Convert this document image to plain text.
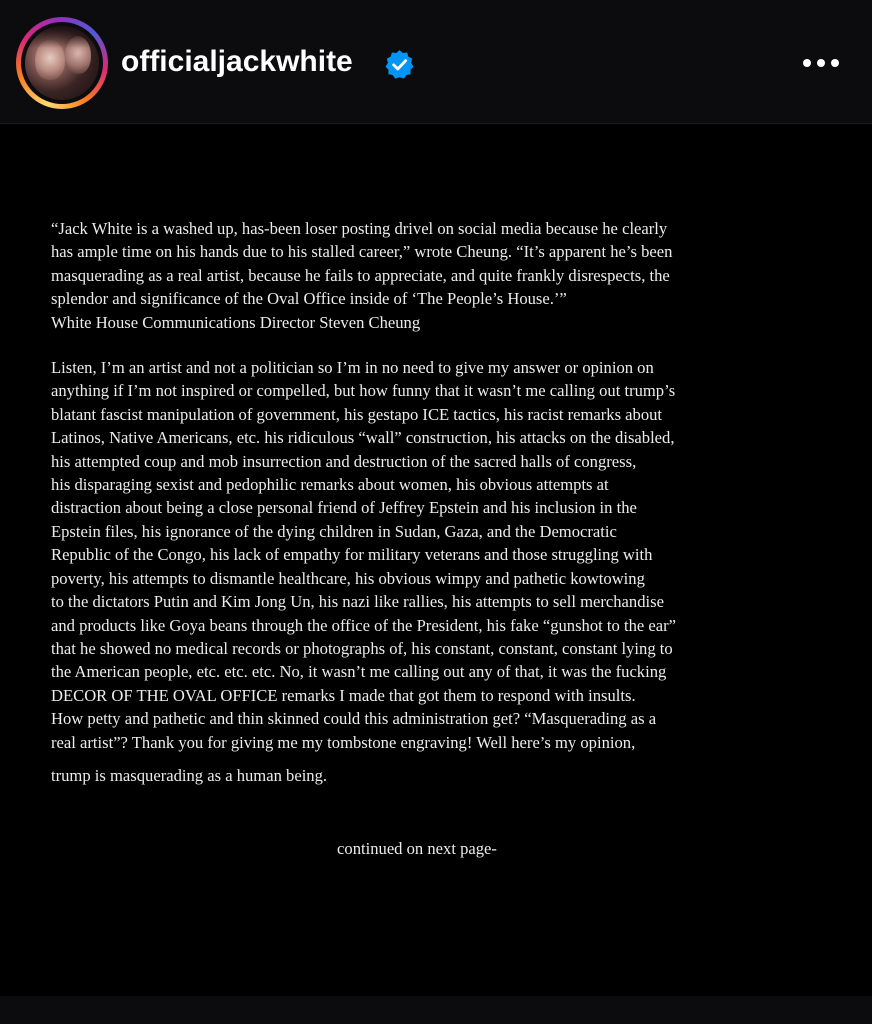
officialjackwhite
“Jack White is a washed up, has-been loser posting drivel on social media because he clearly
has ample time on his hands due to his stalled career,” wrote Cheung. “It’s apparent he’s been
masquerading as a real artist, because he fails to appreciate, and quite frankly disrespects, the
splendor and significance of the Oval Office inside of ‘The People’s House.’”
White House Communications Director Steven Cheung
Listen, I’m an artist and not a politician so I’m in no need to give my answer or opinion on
anything if I’m not inspired or compelled, but how funny that it wasn’t me calling out trump’s
blatant fascist manipulation of government, his gestapo ICE tactics, his racist remarks about
Latinos, Native Americans, etc. his ridiculous “wall” construction, his attacks on the disabled,
his attempted coup and mob insurrection and destruction of the sacred halls of congress,
his disparaging sexist and pedophilic remarks about women, his obvious attempts at
distraction about being a close personal friend of Jeffrey Epstein and his inclusion in the
Epstein files, his ignorance of the dying children in Sudan, Gaza, and the Democratic
Republic of the Congo, his lack of empathy for military veterans and those struggling with
poverty, his attempts to dismantle healthcare, his obvious wimpy and pathetic kowtowing
to the dictators Putin and Kim Jong Un, his nazi like rallies, his attempts to sell merchandise
and products like Goya beans through the office of the President, his fake “gunshot to the ear”
that he showed no medical records or photographs of, his constant, constant, constant lying to
the American people, etc. etc. etc. No, it wasn’t me calling out any of that, it was the fucking
DECOR OF THE OVAL OFFICE remarks I made that got them to respond with insults.
How petty and pathetic and thin skinned could this administration get? “Masquerading as a
real artist”? Thank you for giving me my tombstone engraving! Well here’s my opinion,
trump is masquerading as a human being.
continued on next page-
